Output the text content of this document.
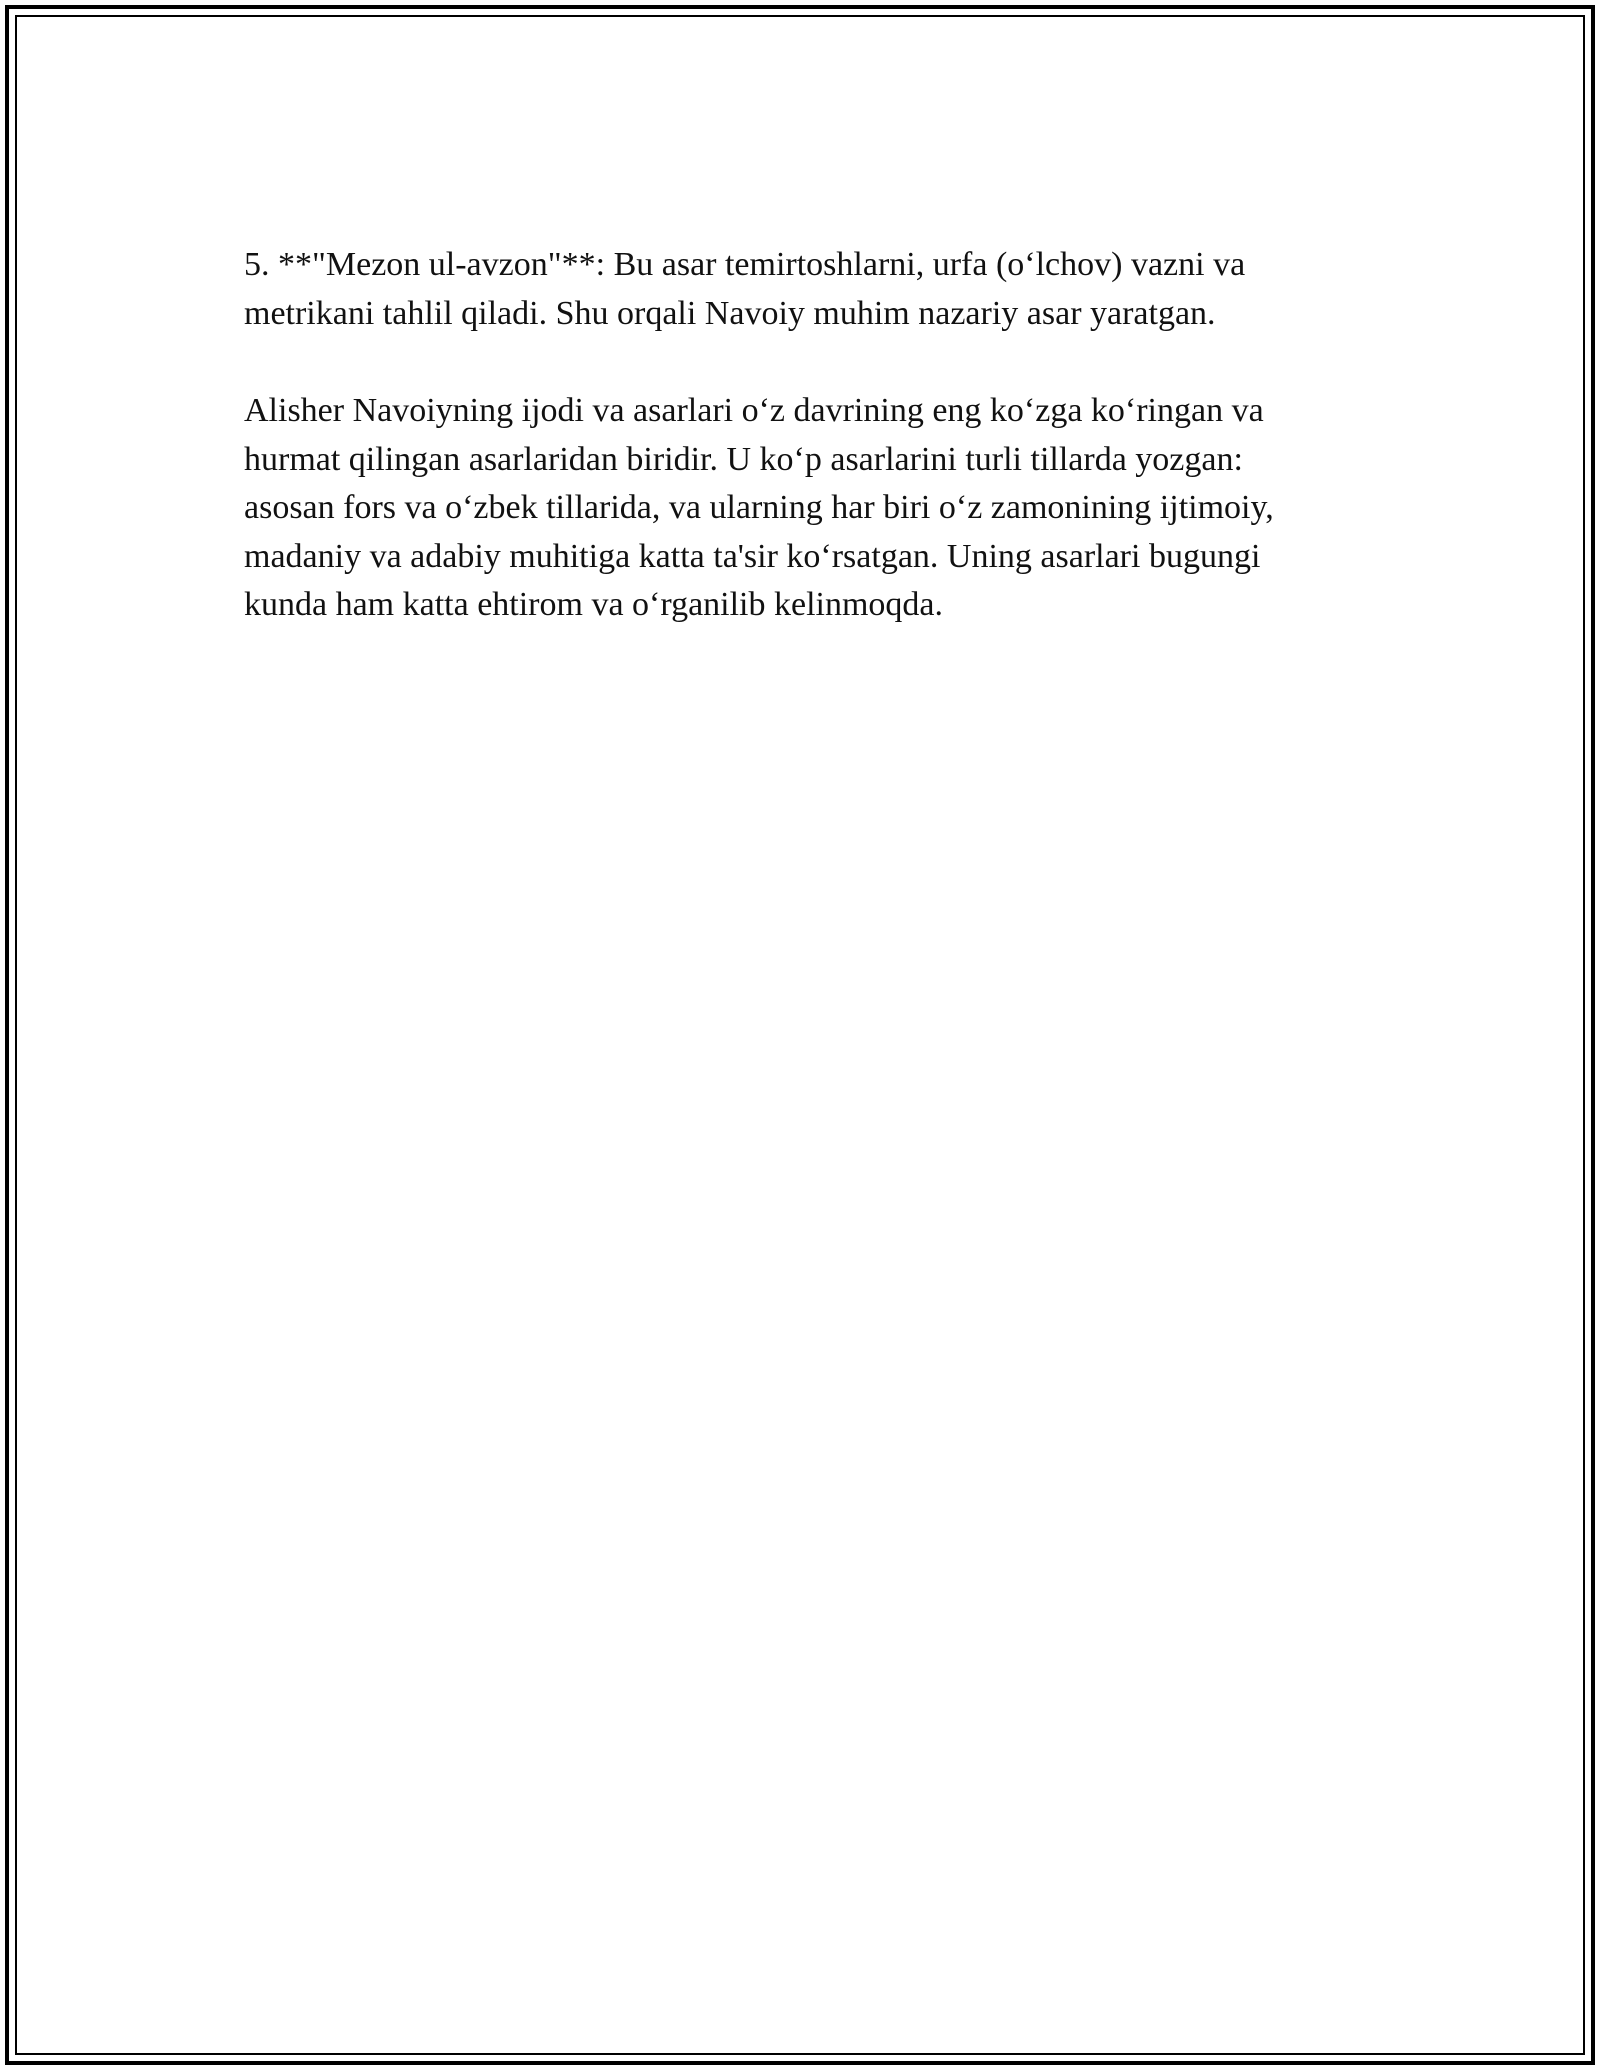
5. **"Mezon ul-avzon"**: Bu asar temirtoshlarni, urfa (oʻlchov) vazni va
metrikani tahlil qiladi. Shu orqali Navoiy muhim nazariy asar yaratgan.

Alisher Navoiyning ijodi va asarlari oʻz davrining eng koʻzga koʻringan va
hurmat qilingan asarlaridan biridir. U koʻp asarlarini turli tillarda yozgan:
asosan fors va oʻzbek tillarida, va ularning har biri oʻz zamonining ijtimoiy,
madaniy va adabiy muhitiga katta ta'sir koʻrsatgan. Uning asarlari bugungi
kunda ham katta ehtirom va oʻrganilib kelinmoqda.
